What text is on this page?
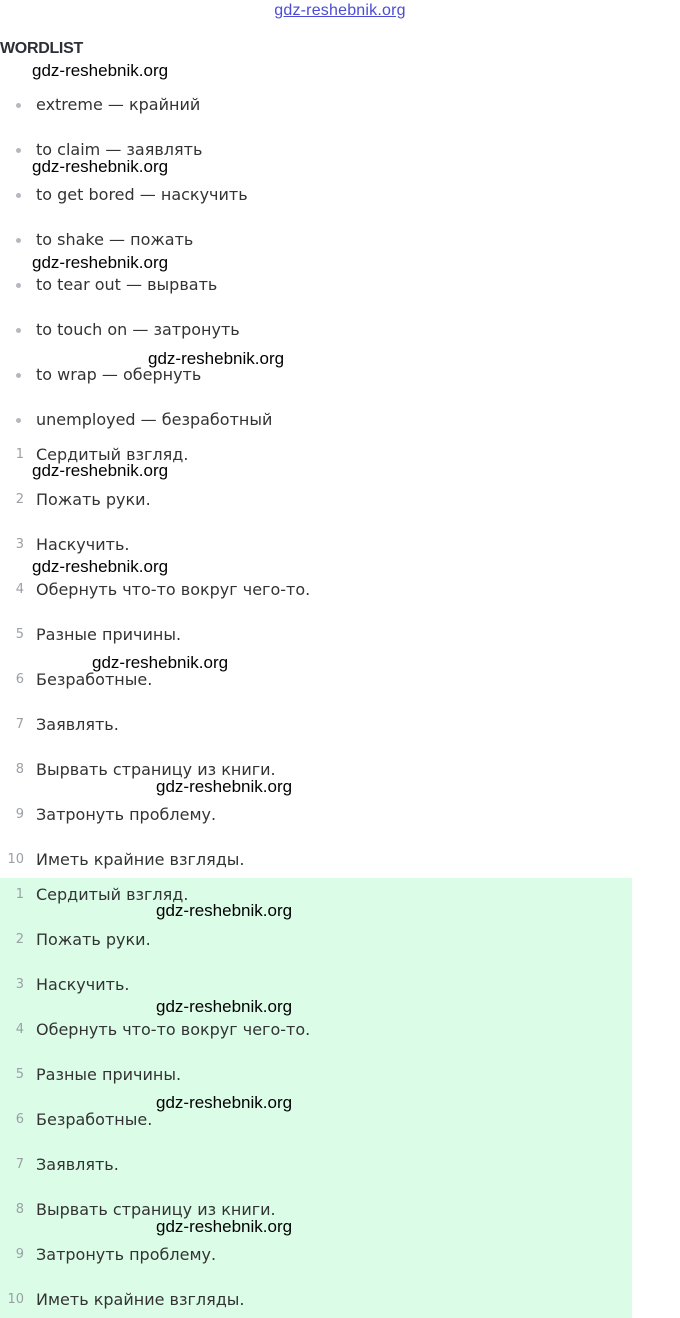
gdz-reshebnik.org
WORDLIST
extreme — крайний
to claim — заявлять
to get bored — наскучить
to shake — пожать
to tear out — вырвать
to touch on — затронуть
to wrap — обернуть
unemployed — безработный
1 Сердитый взгляд.
2 Пожать руки.
3 Наскучить.
4 Обернуть что-то вокруг чего-то.
5 Разные причины.
6 Безработные.
7 Заявлять.
8 Вырвать страницу из книги.
9 Затронуть проблему.
10 Иметь крайние взгляды.
1 Сердитый взгляд.
2 Пожать руки.
3 Наскучить.
4 Обернуть что-то вокруг чего-то.
5 Разные причины.
6 Безработные.
7 Заявлять.
8 Вырвать страницу из книги.
9 Затронуть проблему.
10 Иметь крайние взгляды.
gdz-reshebnik.org
gdz-reshebnik.org
gdz-reshebnik.org
gdz-reshebnik.org
gdz-reshebnik.org
gdz-reshebnik.org
gdz-reshebnik.org
gdz-reshebnik.org
gdz-reshebnik.org
gdz-reshebnik.org
gdz-reshebnik.org
gdz-reshebnik.org
